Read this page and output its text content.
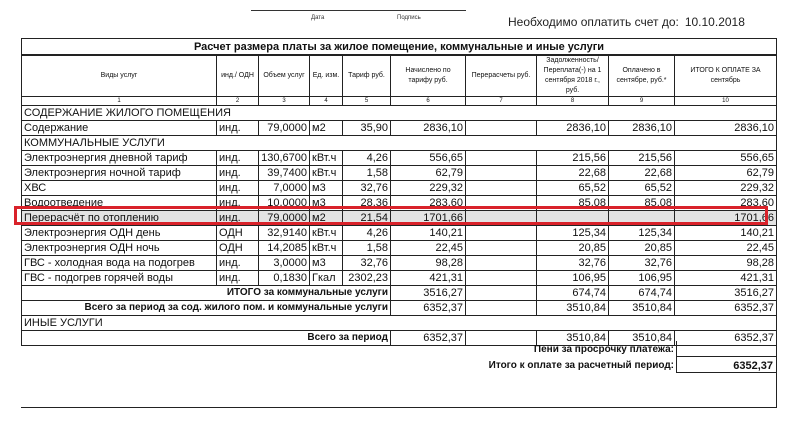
Дата	Подпись	Необходимо оплатить счет до: 10.10.2018
Расчет размера платы за жилое помещение, коммунальные и иные услуги
Виды услуг	инд./ ОДН	Объем услуг	Ед. изм.	Тариф руб.	Начислено по тарифу руб.	Перерасчеты руб.	Задолженность/Переплата(-) на 1 сентября 2018 г., руб.	Оплачено в сентябре, руб.*	ИТОГО К ОПЛАТЕ ЗА сентябрь
1	2	3	4	5	6	7	8	9	10
СОДЕРЖАНИЕ ЖИЛОГО ПОМЕЩЕНИЯ									
Содержание	инд.	79,0000	м2	35,90	2836,10		2836,10	2836,10	2836,10
КОММУНАЛЬНЫЕ УСЛУГИ									
Электроэнергия дневной тариф	инд.	130,6700	кВт.ч	4,26	556,65		215,56	215,56	556,65
Электроэнергия ночной тариф	инд.	39,7400	кВт.ч	1,58	62,79		22,68	22,68	62,79
ХВС	инд.	7,0000	м3	32,76	229,32		65,52	65,52	229,32
Водоотведение	инд.	10,0000	м3	28,36	283,60		85,08	85,08	283,60
Перерасчёт по отоплению	инд.	79,0000	м2	21,54	1701,66				1701,66
Электроэнергия ОДН день	ОДН	32,9140	кВт.ч	4,26	140,21		125,34	125,34	140,21
Электроэнергия ОДН ночь	ОДН	14,2085	кВт.ч	1,58	22,45		20,85	20,85	22,45
ГВС - холодная вода на подогрев	инд.	3,0000	м3	32,76	98,28		32,76	32,76	98,28
ГВС - подогрев горячей воды	инд.	0,1830	Гкал	2302,23	421,31		106,95	106,95	421,31
ИТОГО за коммунальные услуги					3516,27		674,74	674,74	3516,27
Всего за период за сод. жилого пом. и коммунальные услуги					6352,37		3510,84	3510,84	6352,37
ИНЫЕ УСЛУГИ									
Всего за период					6352,37		3510,84	3510,84	6352,37
Пени за просрочку платежа:
Итого к оплате за расчетный период:	6352,37
